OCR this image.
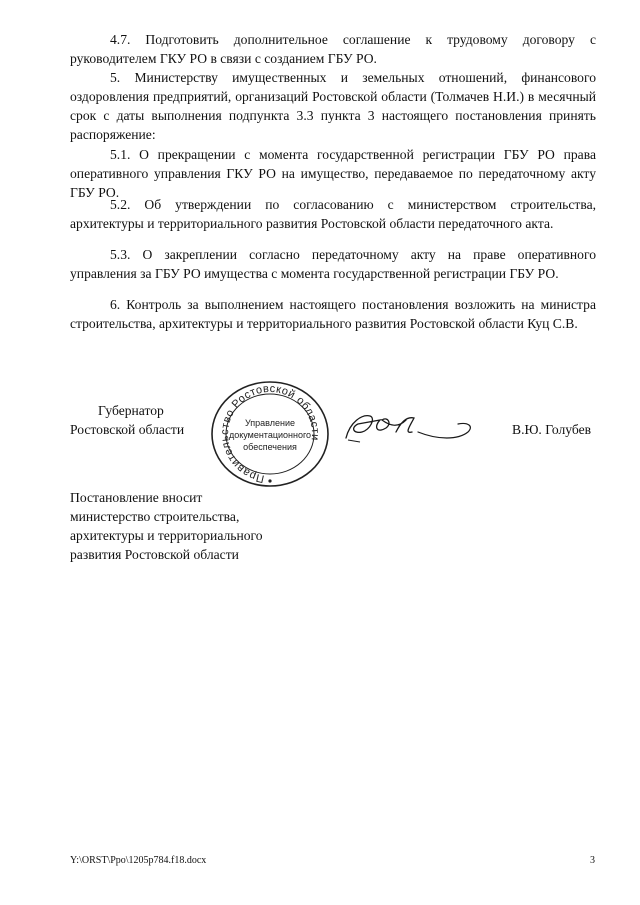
4.7. Подготовить дополнительное соглашение к трудовому договору с руководителем ГКУ РО в связи с созданием ГБУ РО.

5. Министерству имущественных и земельных отношений, финансового оздоровления предприятий, организаций Ростовской области (Толмачев Н.И.) в месячный срок с даты выполнения подпункта 3.3 пункта 3 настоящего постановления принять распоряжение:

5.1. О прекращении с момента государственной регистрации ГБУ РО права оперативного управления ГКУ РО на имущество, передаваемое по передаточному акту ГБУ РО.

5.2. Об утверждении по согласованию с министерством строительства, архитектуры и территориального развития Ростовской области передаточного акта.

5.3. О закреплении согласно передаточному акту на праве оперативного управления за ГБУ РО имущества с момента государственной регистрации ГБУ РО.

6. Контроль за выполнением настоящего постановления возложить на министра строительства, архитектуры и территориального развития Ростовской области Куц С.В.

Губернатор
Ростовской области	В.Ю. Голубев
Правительство Ростовской области
Управление
документационного
обеспечения
Постановление вносит
министерство строительства,
архитектуры и территориального
развития Ростовской области
Y:\ORST\Ppo\1205p784.f18.docx	3
